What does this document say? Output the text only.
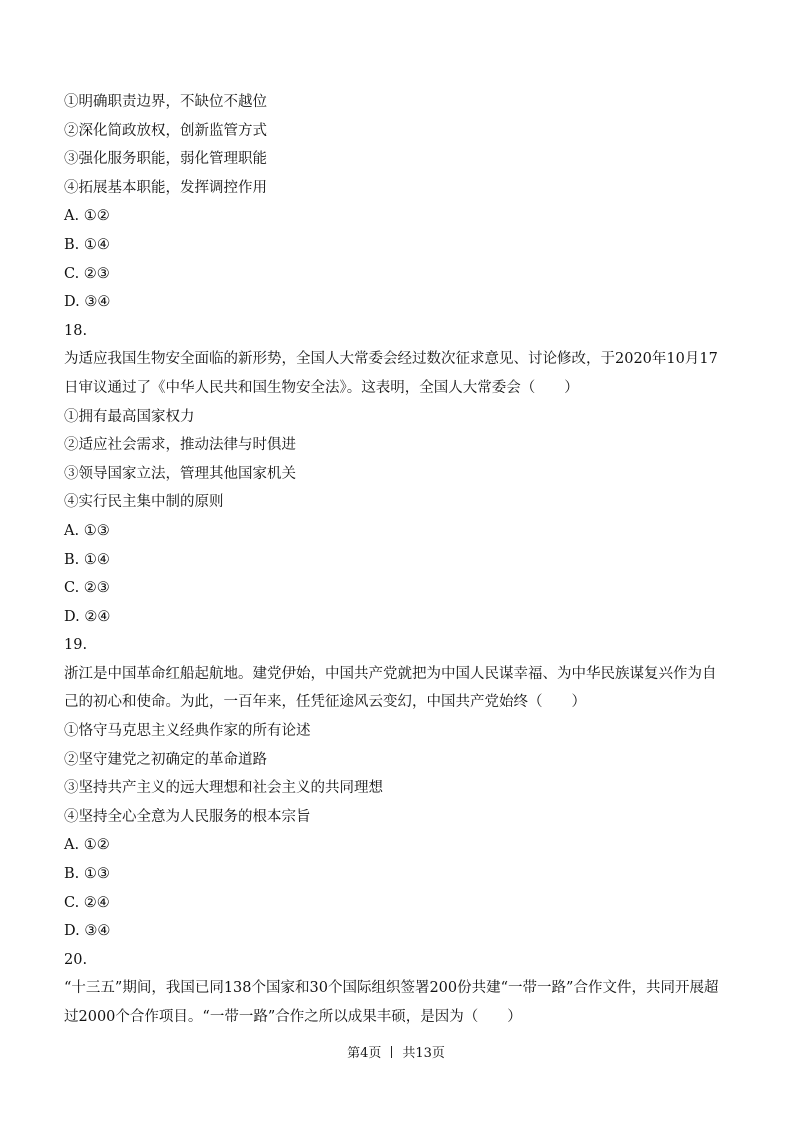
①明确职责边界，不缺位不越位
②深化简政放权，创新监管方式
③强化服务职能，弱化管理职能
④拓展基本职能，发挥调控作用
A. ①②
B. ①④
C. ②③
D. ③④
18.
为适应我国生物安全面临的新形势，全国人大常委会经过数次征求意见、讨论修改，于2020年10月17日审议通过了《中华人民共和国生物安全法》。这表明，全国人大常委会（　　）
①拥有最高国家权力
②适应社会需求，推动法律与时俱进
③领导国家立法，管理其他国家机关
④实行民主集中制的原则
A. ①③
B. ①④
C. ②③
D. ②④
19.
浙江是中国革命红船起航地。建党伊始，中国共产党就把为中国人民谋幸福、为中华民族谋复兴作为自己的初心和使命。为此，一百年来，任凭征途风云变幻，中国共产党始终（　　）
①恪守马克思主义经典作家的所有论述
②坚守建党之初确定的革命道路
③坚持共产主义的远大理想和社会主义的共同理想
④坚持全心全意为人民服务的根本宗旨
A. ①②
B. ①③
C. ②④
D. ③④
20.
“十三五”期间，我国已同138个国家和30个国际组织签署200份共建“一带一路”合作文件，共同开展超过2000个合作项目。“一带一路”合作之所以成果丰硕，是因为（　　）
第4页 共13页
